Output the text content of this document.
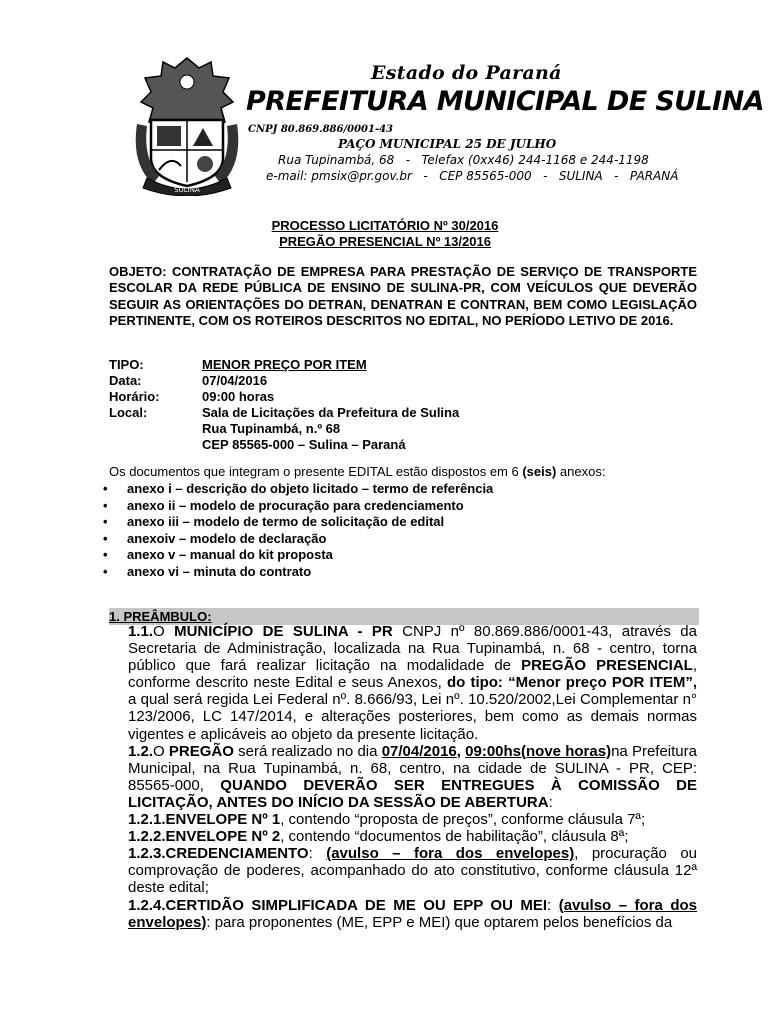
SULINA
Estado do Paraná
PREFEITURA MUNICIPAL DE SULINA
CNPJ 80.869.886/0001-43
PAÇO MUNICIPAL 25 DE JULHO
Rua Tupinambá, 68   -   Telefax (0xx46) 244-1168 e 244-1198
e-mail: pmsix@pr.gov.br   -   CEP 85565-000   -   SULINA   -   PARANÁ
PROCESSO LICITATÓRIO Nº 30/2016
PREGÃO PRESENCIAL Nº 13/2016
OBJETO: CONTRATAÇÃO DE EMPRESA PARA PRESTAÇÃO DE SERVIÇO DE TRANSPORTE ESCOLAR DA REDE PÚBLICA DE ENSINO DE SULINA-PR, COM VEÍCULOS QUE DEVERÃO SEGUIR AS ORIENTAÇÕES DO DETRAN, DENATRAN E CONTRAN, BEM COMO LEGISLAÇÃO PERTINENTE, COM OS ROTEIROS DESCRITOS NO EDITAL, NO PERÍODO LETIVO DE 2016.
TIPO:	MENOR PREÇO POR ITEM
Data:	07/04/2016
Horário:	09:00 horas
Local:	Sala de Licitações da Prefeitura de Sulina
Rua Tupinambá, n.º 68
CEP 85565-000 – Sulina – Paraná
Os documentos que integram o presente EDITAL estão dispostos em 6 (seis) anexos:
•	anexo i – descrição do objeto licitado – termo de referência
•	anexo ii – modelo de procuração para credenciamento
•	anexo iii – modelo de termo de solicitação de edital
•	anexoiv – modelo de declaração
•	anexo v – manual do kit proposta
•	anexo vi – minuta do contrato
1. PREÂMBULO:

1.1.O MUNICÍPIO DE SULINA - PR CNPJ nº 80.869.886/0001-43, através da Secretaria de Administração, localizada na Rua Tupinambá, n. 68 - centro, torna público que fará realizar licitação na modalidade de PREGÃO PRESENCIAL, conforme descrito neste Edital e seus Anexos, do tipo: “Menor preço POR ITEM”, a qual será regida Lei Federal nº. 8.666/93, Lei nº. 10.520/2002,Lei Complementar n° 123/2006, LC 147/2014, e alterações posteriores, bem como as demais normas vigentes e aplicáveis ao objeto da presente licitação.

1.2.O PREGÃO será realizado no dia 07/04/2016, 09:00hs(nove horas)na Prefeitura Municipal, na Rua Tupinambá, n. 68, centro, na cidade de SULINA - PR, CEP: 85565-000, QUANDO DEVERÃO SER ENTREGUES À COMISSÃO DE LICITAÇÃO, ANTES DO INÍCIO DA SESSÃO DE ABERTURA:

1.2.1.ENVELOPE Nº 1, contendo “proposta de preços”, conforme cláusula 7ª;

1.2.2.ENVELOPE Nº 2, contendo “documentos de habilitação”, cláusula 8ª;

1.2.3.CREDENCIAMENTO: (avulso – fora dos envelopes), procuração ou comprovação de poderes, acompanhado do ato constitutivo, conforme cláusula 12ª deste edital;

1.2.4.CERTIDÃO SIMPLIFICADA DE ME OU EPP OU MEI: (avulso – fora dos envelopes): para proponentes (ME, EPP e MEI) que optarem pelos benefícios da
